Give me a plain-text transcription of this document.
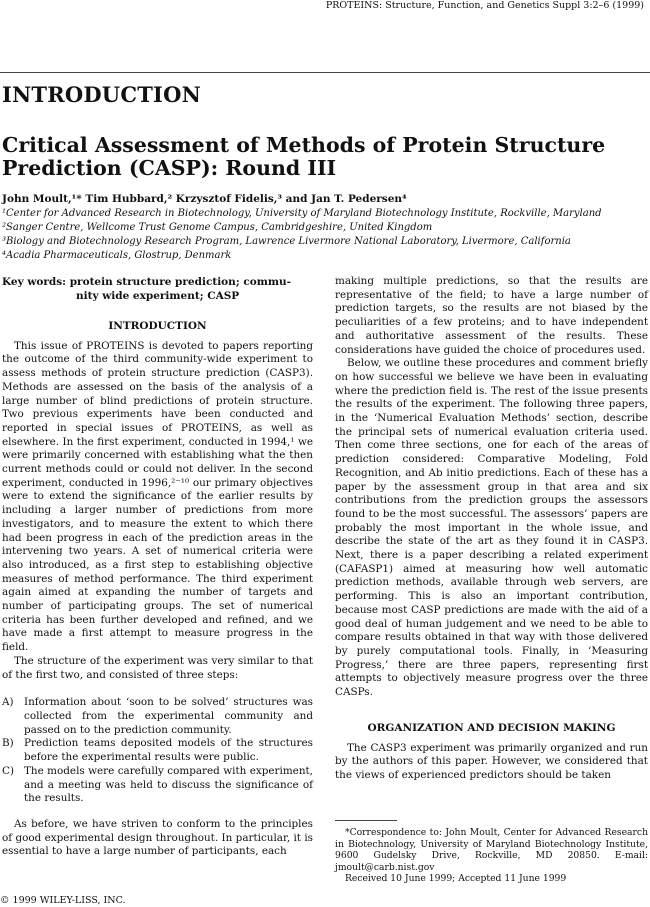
PROTEINS: Structure, Function, and Genetics Suppl 3:2–6 (1999)
INTRODUCTION
Critical Assessment of Methods of Protein Structure Prediction (CASP): Round III
John Moult,¹* Tim Hubbard,² Krzysztof Fidelis,³ and Jan T. Pedersen⁴
¹Center for Advanced Research in Biotechnology, University of Maryland Biotechnology Institute, Rockville, Maryland
²Sanger Centre, Wellcome Trust Genome Campus, Cambridgeshire, United Kingdom
³Biology and Biotechnology Research Program, Lawrence Livermore National Laboratory, Livermore, California
⁴Acadia Pharmaceuticals, Glostrup, Denmark
Key words: protein structure prediction; commu-
nity wide experiment; CASP
INTRODUCTION

This issue of PROTEINS is devoted to papers reporting the outcome of the third community-wide experiment to assess methods of protein structure prediction (CASP3). Methods are assessed on the basis of the analysis of a large number of blind predictions of protein structure. Two previous experiments have been conducted and reported in special issues of PROTEINS, as well as elsewhere. In the first experiment, conducted in 1994,¹ we were primarily concerned with establishing what the then current methods could or could not deliver. In the second experiment, conducted in 1996,²⁻¹⁰ our primary objectives were to extend the significance of the earlier results by including a larger number of predictions from more investigators, and to measure the extent to which there had been progress in each of the prediction areas in the intervening two years. A set of numerical criteria were also introduced, as a first step to establishing objective measures of method performance. The third experiment again aimed at expanding the number of targets and number of participating groups. The set of numerical criteria has been further developed and refined, and we have made a first attempt to measure progress in the field.

The structure of the experiment was very similar to that of the first two, and consisted of three steps:

A) Information about ‘soon to be solved’ structures was collected from the experimental community and passed on to the prediction community.
B) Prediction teams deposited models of the structures before the experimental results were public.
C) The models were carefully compared with experiment, and a meeting was held to discuss the significance of the results.

As before, we have striven to conform to the principles of good experimental design throughout. In particular, it is essential to have a large number of participants, each

making multiple predictions, so that the results are representative of the field; to have a large number of prediction targets, so the results are not biased by the peculiarities of a few proteins; and to have independent and authoritative assessment of the results. These considerations have guided the choice of procedures used.

Below, we outline these procedures and comment briefly on how successful we believe we have been in evaluating where the prediction field is. The rest of the issue presents the results of the experiment. The following three papers, in the ‘Numerical Evaluation Methods’ section, describe the principal sets of numerical evaluation criteria used. Then come three sections, one for each of the areas of prediction considered: Comparative Modeling, Fold Recognition, and Ab initio predictions. Each of these has a paper by the assessment group in that area and six contributions from the prediction groups the assessors found to be the most successful. The assessors’ papers are probably the most important in the whole issue, and describe the state of the art as they found it in CASP3. Next, there is a paper describing a related experiment (CAFASP1) aimed at measuring how well automatic prediction methods, available through web servers, are performing. This is also an important contribution, because most CASP predictions are made with the aid of a good deal of human judgement and we need to be able to compare results obtained in that way with those delivered by purely computational tools. Finally, in ‘Measuring Progress,’ there are three papers, representing first attempts to objectively measure progress over the three CASPs.

ORGANIZATION AND DECISION MAKING

The CASP3 experiment was primarily organized and run by the authors of this paper. However, we considered that the views of experienced predictors should be taken

*Correspondence to: John Moult, Center for Advanced Research in Biotechnology, University of Maryland Biotechnology Institute, 9600 Gudelsky Drive, Rockville, MD 20850. E-mail: jmoult@carb.nist.gov

Received 10 June 1999; Accepted 11 June 1999

© 1999 WILEY-LISS, INC.
